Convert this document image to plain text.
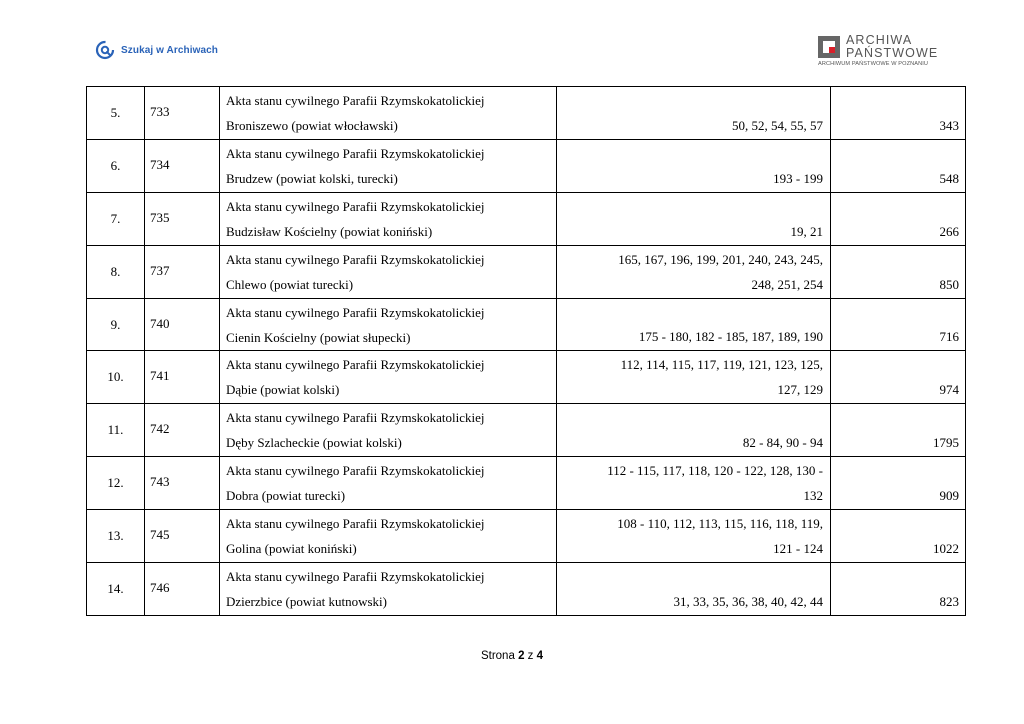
Szukaj w Archiwach
ARCHIWA
PAŃSTWOWE
ARCHIWUM PAŃSTWOWE W POZNANIU
5.	733	Akta stanu cywilnego Parafii Rzymskokatolickiej
Broniszewo (powiat włocławski)	50, 52, 54, 55, 57	343

6.	734	Akta stanu cywilnego Parafii Rzymskokatolickiej
Brudzew (powiat kolski, turecki)	193 - 199	548

7.	735	Akta stanu cywilnego Parafii Rzymskokatolickiej
Budzisław Kościelny (powiat koniński)	19, 21	266

8.	737	Akta stanu cywilnego Parafii Rzymskokatolickiej
Chlewo (powiat turecki)	165, 167, 196, 199, 201, 240, 243, 245,
248, 251, 254	850

9.	740	Akta stanu cywilnego Parafii Rzymskokatolickiej
Cienin Kościelny (powiat słupecki)	175 - 180, 182 - 185, 187, 189, 190	716

10.	741	Akta stanu cywilnego Parafii Rzymskokatolickiej
Dąbie (powiat kolski)	112, 114, 115, 117, 119, 121, 123, 125,
127, 129	974

11.	742	Akta stanu cywilnego Parafii Rzymskokatolickiej
Dęby Szlacheckie (powiat kolski)	82 - 84, 90 - 94	1795

12.	743	Akta stanu cywilnego Parafii Rzymskokatolickiej
Dobra (powiat turecki)	112 - 115, 117, 118, 120 - 122, 128, 130 -
132	909

13.	745	Akta stanu cywilnego Parafii Rzymskokatolickiej
Golina (powiat koniński)	108 - 110, 112, 113, 115, 116, 118, 119,
121 - 124	1022

14.	746	Akta stanu cywilnego Parafii Rzymskokatolickiej
Dzierzbice (powiat kutnowski)	31, 33, 35, 36, 38, 40, 42, 44	823
Strona 2 z 4
